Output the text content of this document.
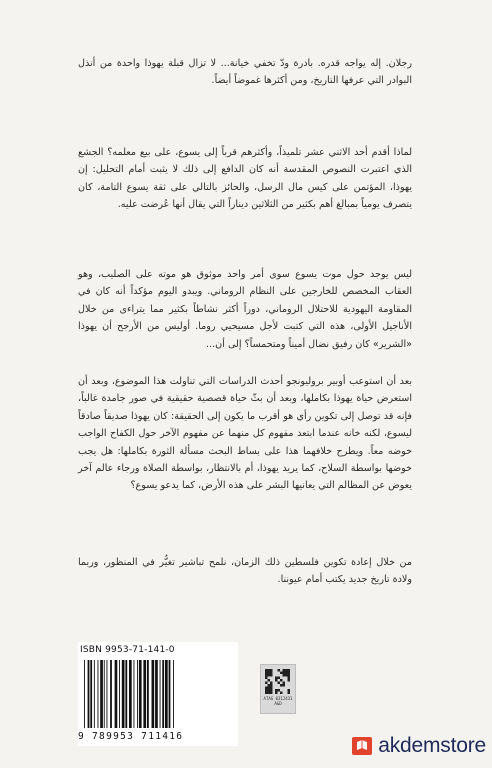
رجلان. إله يواجه قدره. بادرة ودّ تخفي خيانة... لا تزال قبلة يهوذا واحدة من أنذل البوادر التي عرفها التاريخ، ومن أكثرها غموضاً أيضاً.

لماذا أقدم أحد الاثني عشر تلميذاً، وأكثرهم قرباً إلى يسوع، على بيع معلمه؟ الجشع الذي اعتبرت النصوص المقدسة أنه كان الدافع إلى ذلك لا يثبت أمام التحليل: إن يهوذا، المؤتمن على كيس مال الرسل، والحائز بالتالي على ثقة يسوع التامة، كان يتصرف يومياً بمبالغ أهم بكثير من الثلاثين ديناراً التي يقال أنها عُرضت عليه.

ليس يوجد حول موت يسوع سوى أمر واحد موثوق هو موته على الصليب، وهو العقاب المخصص للخارجين على النظام الروماني. ويبدو اليوم مؤكداً أنه كان في المقاومة اليهودية للاحتلال الروماني، دوراً أكثر نشاطاً بكثير مما يتراءى من خلال الأناجيل الأولى، هذه التي كتبت لأجل مسيحيي روما. أوليس من الأرجح أن يهوذا «الشرير» كان رفيق نضال أميناً ومتحمساً؟ إلى أن...

بعد أن استوعب أوبير بروليونجو أحدث الدراسات التي تناولت هذا الموضوع، وبعد أن استعرض حياة يهوذا بكاملها، وبعد أن بثّ حياة قصصية حقيقية في صور جامدة غالباً، فإنه قد توصل إلى تكوين رأي هو أقرب ما يكون إلى الحقيقة: كان يهوذا صديقاً صادقاً ليسوع، لكنه خانه عندما ابتعد مفهوم كل منهما عن مفهوم الآخر حول الكفاح الواجب خوضه معاً. ويطرح خلافهما هذا على بساط البحث مسألة الثورة بكاملها: هل يجب خوضها بواسطة السلاح، كما يريد يهوذا، أم بالانتظار، بواسطة الصلاة ورجاء عالم آخر يعوض عن المظالم التي يعانيها البشر على هذه الأرض، كما يدعو يسوع؟

من خلال إعادة تكوين فلسطين ذلك الزمان، نلمح تباشير تغيُّر في المنظور، وربما ولادة تاريخ جديد يكتب أمام عيوننا.

ISBN 9953-71-141-0
9 789953 711416
ATAG 0312431 A&D
akdemstore
